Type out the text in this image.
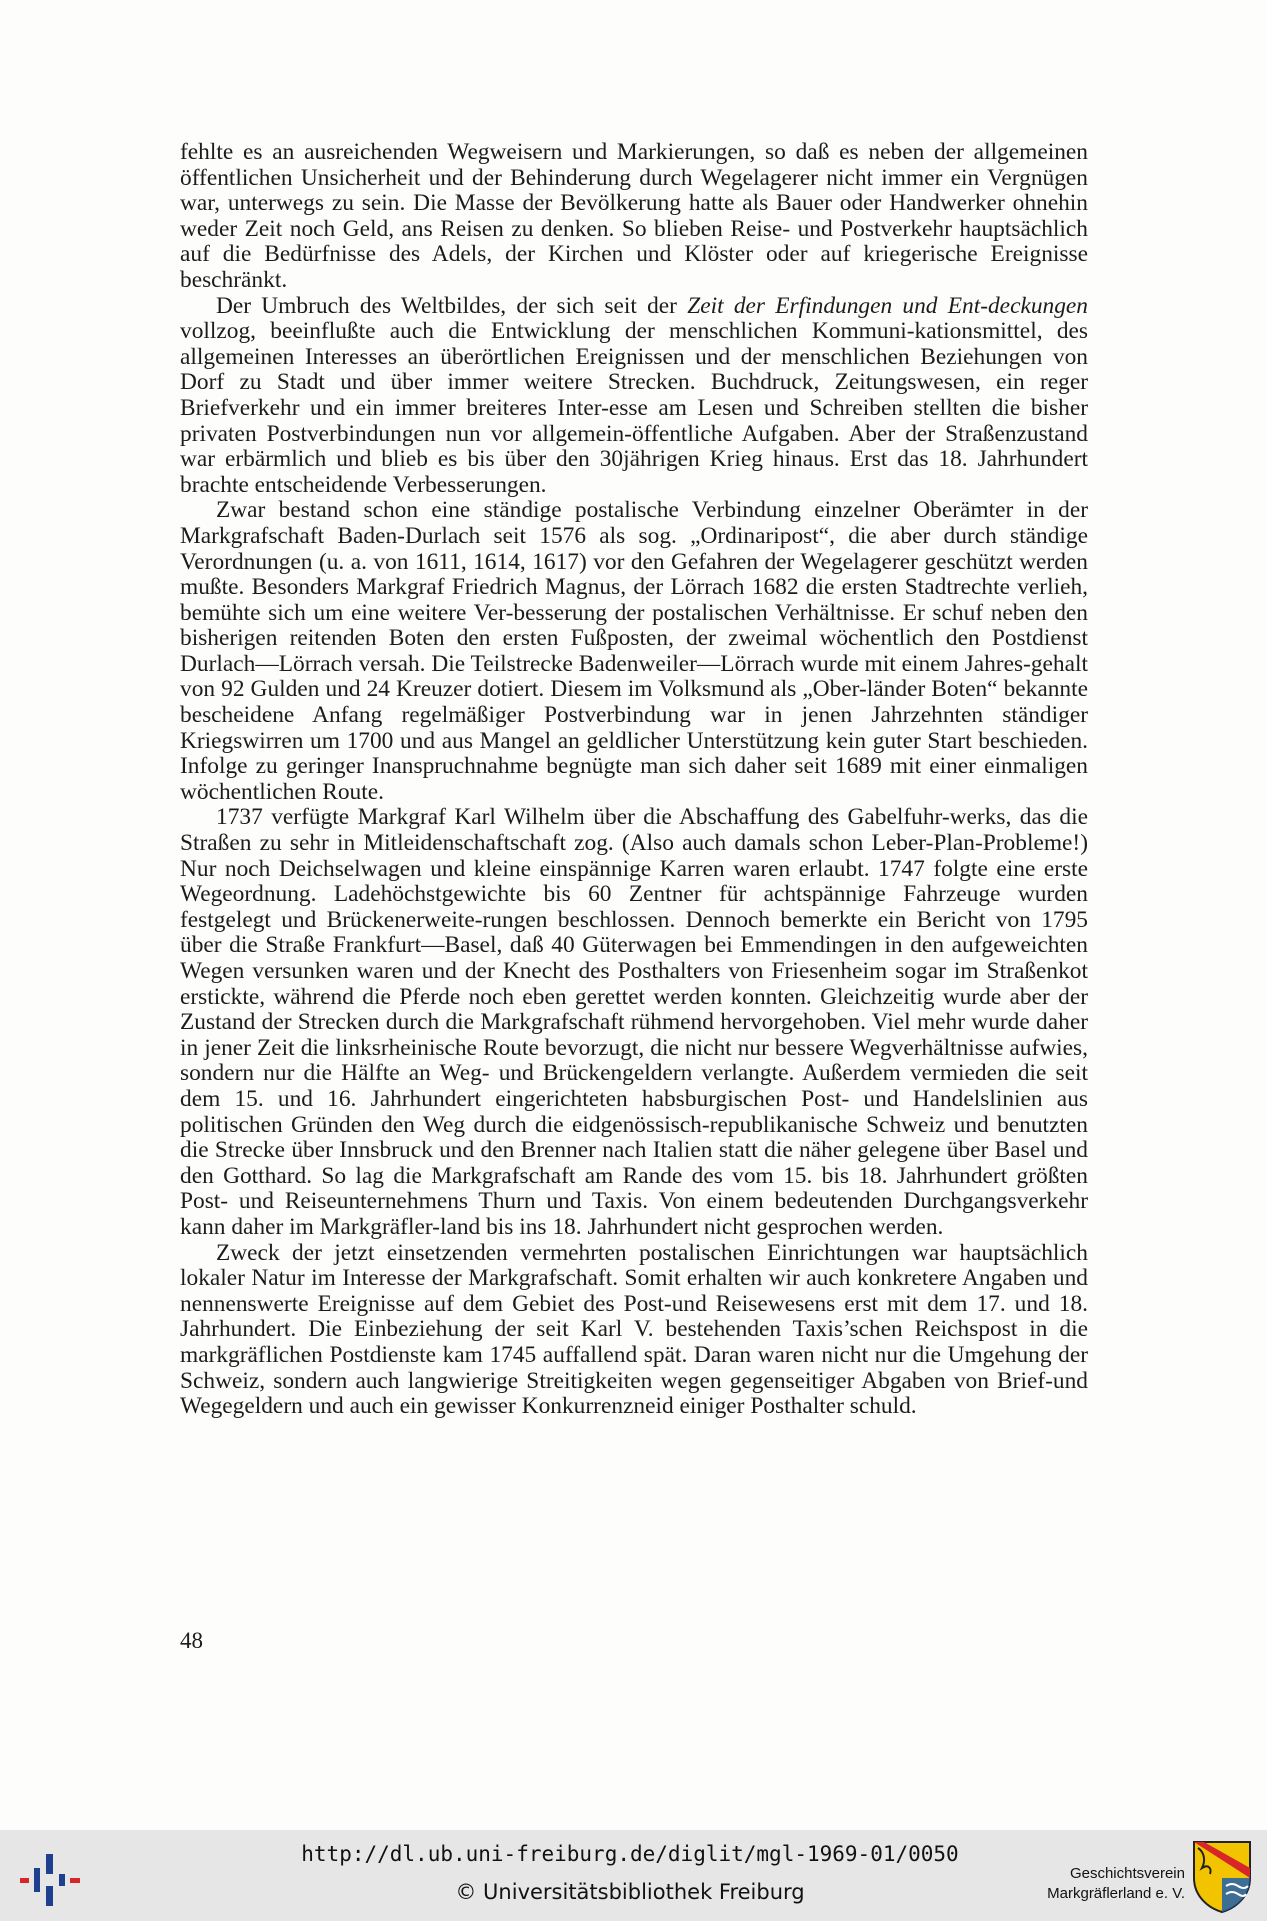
fehlte es an ausreichenden Wegweisern und Markierungen, so daß es neben der allgemeinen öffentlichen Unsicherheit und der Behinderung durch Wegelagerer nicht immer ein Vergnügen war, unterwegs zu sein. Die Masse der Bevölkerung hatte als Bauer oder Handwerker ohnehin weder Zeit noch Geld, ans Reisen zu denken. So blieben Reise- und Postverkehr hauptsächlich auf die Bedürfnisse des Adels, der Kirchen und Klöster oder auf kriegerische Ereignisse beschränkt.

Der Umbruch des Weltbildes, der sich seit der Zeit der Erfindungen und Ent-deckungen vollzog, beeinflußte auch die Entwicklung der menschlichen Kommuni-kationsmittel, des allgemeinen Interesses an überörtlichen Ereignissen und der menschlichen Beziehungen von Dorf zu Stadt und über immer weitere Strecken. Buchdruck, Zeitungswesen, ein reger Briefverkehr und ein immer breiteres Inter-esse am Lesen und Schreiben stellten die bisher privaten Postverbindungen nun vor allgemein-öffentliche Aufgaben. Aber der Straßenzustand war erbärmlich und blieb es bis über den 30jährigen Krieg hinaus. Erst das 18. Jahrhundert brachte entscheidende Verbesserungen.

Zwar bestand schon eine ständige postalische Verbindung einzelner Oberämter in der Markgrafschaft Baden-Durlach seit 1576 als sog. „Ordinaripost“, die aber durch ständige Verordnungen (u. a. von 1611, 1614, 1617) vor den Gefahren der Wegelagerer geschützt werden mußte. Besonders Markgraf Friedrich Magnus, der Lörrach 1682 die ersten Stadtrechte verlieh, bemühte sich um eine weitere Ver-besserung der postalischen Verhältnisse. Er schuf neben den bisherigen reitenden Boten den ersten Fußposten, der zweimal wöchentlich den Postdienst Durlach—Lörrach versah. Die Teilstrecke Badenweiler—Lörrach wurde mit einem Jahres-gehalt von 92 Gulden und 24 Kreuzer dotiert. Diesem im Volksmund als „Ober-länder Boten“ bekannte bescheidene Anfang regelmäßiger Postverbindung war in jenen Jahrzehnten ständiger Kriegswirren um 1700 und aus Mangel an geldlicher Unterstützung kein guter Start beschieden. Infolge zu geringer Inanspruchnahme begnügte man sich daher seit 1689 mit einer einmaligen wöchentlichen Route.

1737 verfügte Markgraf Karl Wilhelm über die Abschaffung des Gabelfuhr-werks, das die Straßen zu sehr in Mitleidenschaftschaft zog. (Also auch damals schon Leber-Plan-Probleme!) Nur noch Deichselwagen und kleine einspännige Karren waren erlaubt. 1747 folgte eine erste Wegeordnung. Ladehöchstgewichte bis 60 Zentner für achtspännige Fahrzeuge wurden festgelegt und Brückenerweite-rungen beschlossen. Dennoch bemerkte ein Bericht von 1795 über die Straße Frankfurt—Basel, daß 40 Güterwagen bei Emmendingen in den aufgeweichten Wegen versunken waren und der Knecht des Posthalters von Friesenheim sogar im Straßenkot erstickte, während die Pferde noch eben gerettet werden konnten. Gleichzeitig wurde aber der Zustand der Strecken durch die Markgrafschaft rühmend hervorgehoben. Viel mehr wurde daher in jener Zeit die linksrheinische Route bevorzugt, die nicht nur bessere Wegverhältnisse aufwies, sondern nur die Hälfte an Weg- und Brückengeldern verlangte. Außerdem vermieden die seit dem 15. und 16. Jahrhundert eingerichteten habsburgischen Post- und Handelslinien aus politischen Gründen den Weg durch die eidgenössisch-republikanische Schweiz und benutzten die Strecke über Innsbruck und den Brenner nach Italien statt die näher gelegene über Basel und den Gotthard. So lag die Markgrafschaft am Rande des vom 15. bis 18. Jahrhundert größten Post- und Reiseunternehmens Thurn und Taxis. Von einem bedeutenden Durchgangsverkehr kann daher im Markgräfler-land bis ins 18. Jahrhundert nicht gesprochen werden.

Zweck der jetzt einsetzenden vermehrten postalischen Einrichtungen war hauptsächlich lokaler Natur im Interesse der Markgrafschaft. Somit erhalten wir auch konkretere Angaben und nennenswerte Ereignisse auf dem Gebiet des Post-und Reisewesens erst mit dem 17. und 18. Jahrhundert. Die Einbeziehung der seit Karl V. bestehenden Taxis’schen Reichspost in die markgräflichen Postdienste kam 1745 auffallend spät. Daran waren nicht nur die Umgehung der Schweiz, sondern auch langwierige Streitigkeiten wegen gegenseitiger Abgaben von Brief-und Wegegeldern und auch ein gewisser Konkurrenzneid einiger Posthalter schuld.

48
http://dl.ub.uni-freiburg.de/diglit/mgl-1969-01/0050
© Universitätsbibliothek Freiburg
Geschichtsverein
Markgräflerland e. V.
